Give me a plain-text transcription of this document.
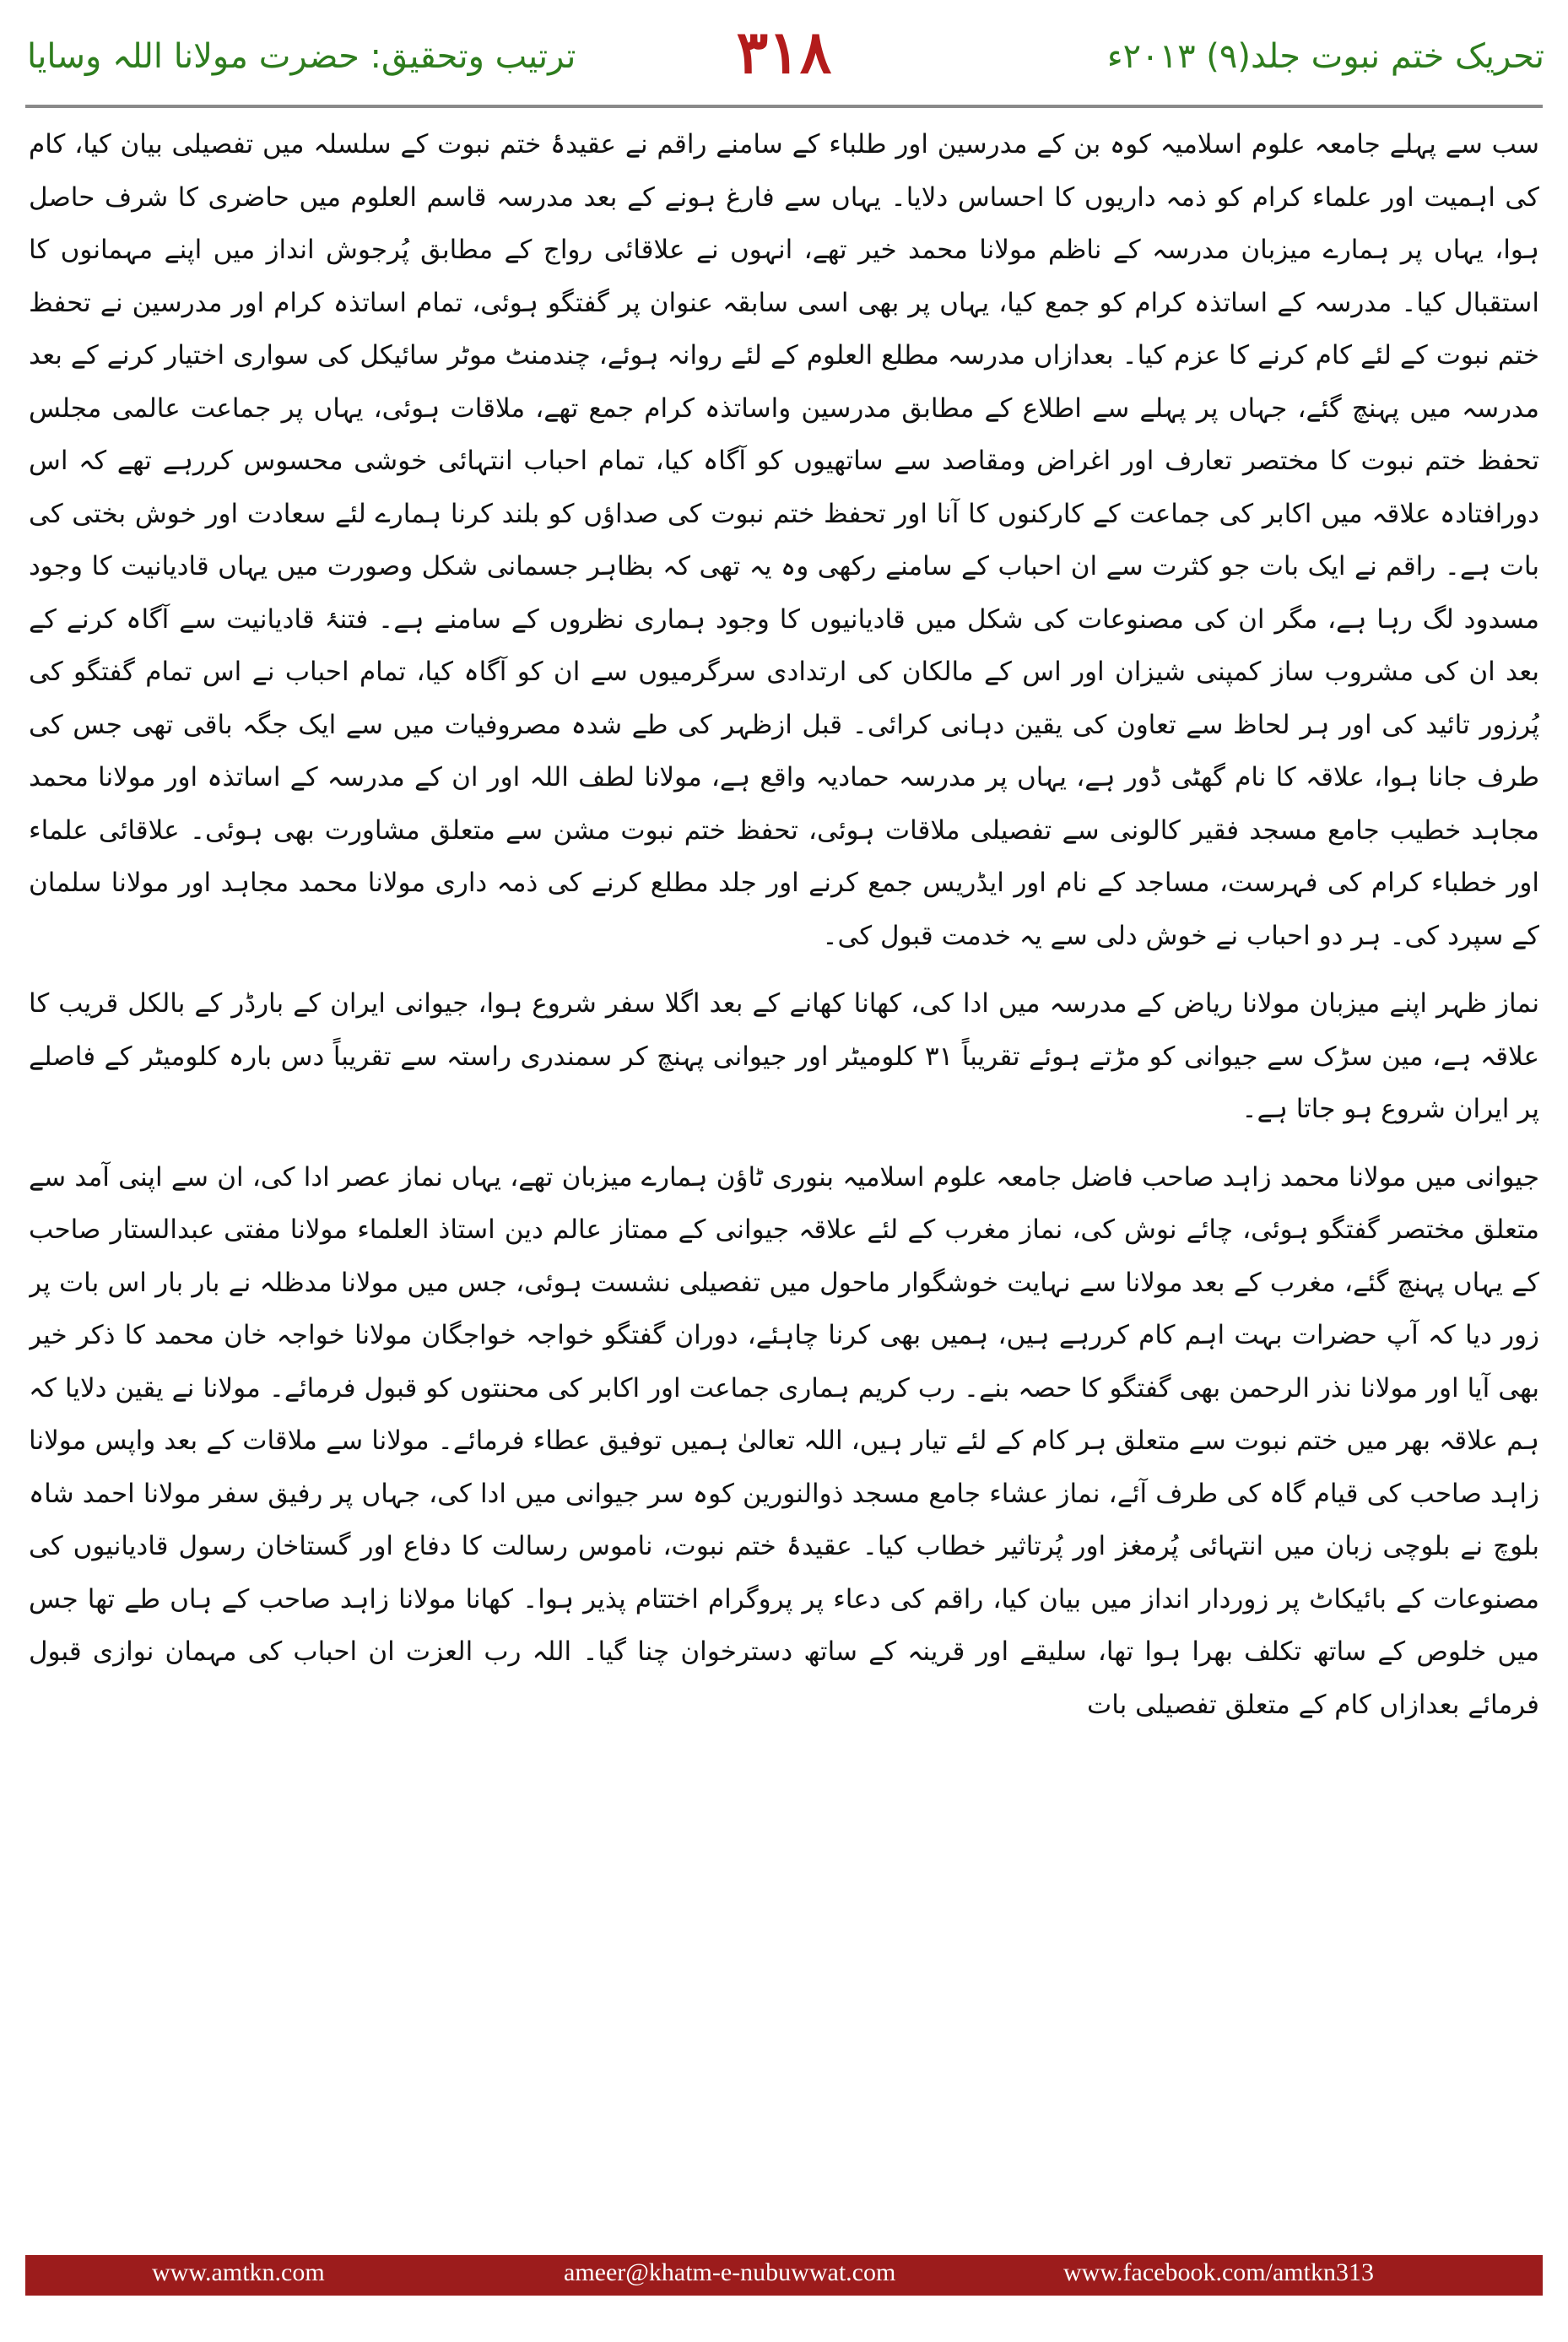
ترتیب وتحقیق: حضرت مولانا اللہ وسایا	۳۱۸	تحریک ختم نبوت جلد(۹) ۲۰۱۳ء

سب سے پہلے جامعہ علوم اسلامیہ کوہ بن کے مدرسین اور طلباء کے سامنے راقم نے عقیدۂ ختم نبوت کے سلسلہ میں تفصیلی بیان کیا، کام کی اہمیت اور علماء کرام کو ذمہ داریوں کا احساس دلایا۔ یہاں سے فارغ ہونے کے بعد مدرسہ قاسم العلوم میں حاضری کا شرف حاصل ہوا، یہاں پر ہمارے میزبان مدرسہ کے ناظم مولانا محمد خیر تھے، انہوں نے علاقائی رواج کے مطابق پُرجوش انداز میں اپنے مہمانوں کا استقبال کیا۔ مدرسہ کے اساتذہ کرام کو جمع کیا، یہاں پر بھی اسی سابقہ عنوان پر گفتگو ہوئی، تمام اساتذہ کرام اور مدرسین نے تحفظ ختم نبوت کے لئے کام کرنے کا عزم کیا۔ بعدازاں مدرسہ مطلع العلوم کے لئے روانہ ہوئے، چندمنٹ موٹر سائیکل کی سواری اختیار کرنے کے بعد مدرسہ میں پہنچ گئے، جہاں پر پہلے سے اطلاع کے مطابق مدرسین واساتذہ کرام جمع تھے، ملاقات ہوئی، یہاں پر جماعت عالمی مجلس تحفظ ختم نبوت کا مختصر تعارف اور اغراض ومقاصد سے ساتھیوں کو آگاہ کیا، تمام احباب انتہائی خوشی محسوس کررہے تھے کہ اس دورافتادہ علاقہ میں اکابر کی جماعت کے کارکنوں کا آنا اور تحفظ ختم نبوت کی صداؤں کو بلند کرنا ہمارے لئے سعادت اور خوش بختی کی بات ہے۔ راقم نے ایک بات جو کثرت سے ان احباب کے سامنے رکھی وہ یہ تھی کہ بظاہر جسمانی شکل وصورت میں یہاں قادیانیت کا وجود مسدود لگ رہا ہے، مگر ان کی مصنوعات کی شکل میں قادیانیوں کا وجود ہماری نظروں کے سامنے ہے۔ فتنۂ قادیانیت سے آگاہ کرنے کے بعد ان کی مشروب ساز کمپنی شیزان اور اس کے مالکان کی ارتدادی سرگرمیوں سے ان کو آگاہ کیا، تمام احباب نے اس تمام گفتگو کی پُرزور تائید کی اور ہر لحاظ سے تعاون کی یقین دہانی کرائی۔ قبل ازظہر کی طے شدہ مصروفیات میں سے ایک جگہ باقی تھی جس کی طرف جانا ہوا، علاقہ کا نام گھٹی ڈور ہے، یہاں پر مدرسہ حمادیہ واقع ہے، مولانا لطف اللہ اور ان کے مدرسہ کے اساتذہ اور مولانا محمد مجاہد خطیب جامع مسجد فقیر کالونی سے تفصیلی ملاقات ہوئی، تحفظ ختم نبوت مشن سے متعلق مشاورت بھی ہوئی۔ علاقائی علماء اور خطباء کرام کی فہرست، مساجد کے نام اور ایڈریس جمع کرنے اور جلد مطلع کرنے کی ذمہ داری مولانا محمد مجاہد اور مولانا سلمان کے سپرد کی۔ ہر دو احباب نے خوش دلی سے یہ خدمت قبول کی۔

نماز ظہر اپنے میزبان مولانا ریاض کے مدرسہ میں ادا کی، کھانا کھانے کے بعد اگلا سفر شروع ہوا، جیوانی ایران کے بارڈر کے بالکل قریب کا علاقہ ہے، مین سڑک سے جیوانی کو مڑتے ہوئے تقریباً ۳۱ کلومیٹر اور جیوانی پہنچ کر سمندری راستہ سے تقریباً دس بارہ کلومیٹر کے فاصلے پر ایران شروع ہو جاتا ہے۔

جیوانی میں مولانا محمد زاہد صاحب فاضل جامعہ علوم اسلامیہ بنوری ٹاؤن ہمارے میزبان تھے، یہاں نماز عصر ادا کی، ان سے اپنی آمد سے متعلق مختصر گفتگو ہوئی، چائے نوش کی، نماز مغرب کے لئے علاقہ جیوانی کے ممتاز عالم دین استاذ العلماء مولانا مفتی عبدالستار صاحب کے یہاں پہنچ گئے، مغرب کے بعد مولانا سے نہایت خوشگوار ماحول میں تفصیلی نشست ہوئی، جس میں مولانا مدظلہ نے بار بار اس بات پر زور دیا کہ آپ حضرات بہت اہم کام کررہے ہیں، ہمیں بھی کرنا چاہئے، دوران گفتگو خواجہ خواجگان مولانا خواجہ خان محمد کا ذکر خیر بھی آیا اور مولانا نذر الرحمن بھی گفتگو کا حصہ بنے۔ رب کریم ہماری جماعت اور اکابر کی محنتوں کو قبول فرمائے۔ مولانا نے یقین دلایا کہ ہم علاقہ بھر میں ختم نبوت سے متعلق ہر کام کے لئے تیار ہیں، اللہ تعالیٰ ہمیں توفیق عطاء فرمائے۔ مولانا سے ملاقات کے بعد واپس مولانا زاہد صاحب کی قیام گاہ کی طرف آئے، نماز عشاء جامع مسجد ذوالنورین کوہ سر جیوانی میں ادا کی، جہاں پر رفیق سفر مولانا احمد شاہ بلوچ نے بلوچی زبان میں انتہائی پُرمغز اور پُرتاثیر خطاب کیا۔ عقیدۂ ختم نبوت، ناموس رسالت کا دفاع اور گستاخان رسول قادیانیوں کی مصنوعات کے بائیکاٹ پر زوردار انداز میں بیان کیا، راقم کی دعاء پر پروگرام اختتام پذیر ہوا۔ کھانا مولانا زاہد صاحب کے ہاں طے تھا جس میں خلوص کے ساتھ تکلف بھرا ہوا تھا، سلیقے اور قرینہ کے ساتھ دسترخوان چنا گیا۔ اللہ رب العزت ان احباب کی مہمان نوازی قبول فرمائے بعدازاں کام کے متعلق تفصیلی بات

www.amtkn.com	ameer@khatm-e-nubuwwat.com	www.facebook.com/amtkn313
